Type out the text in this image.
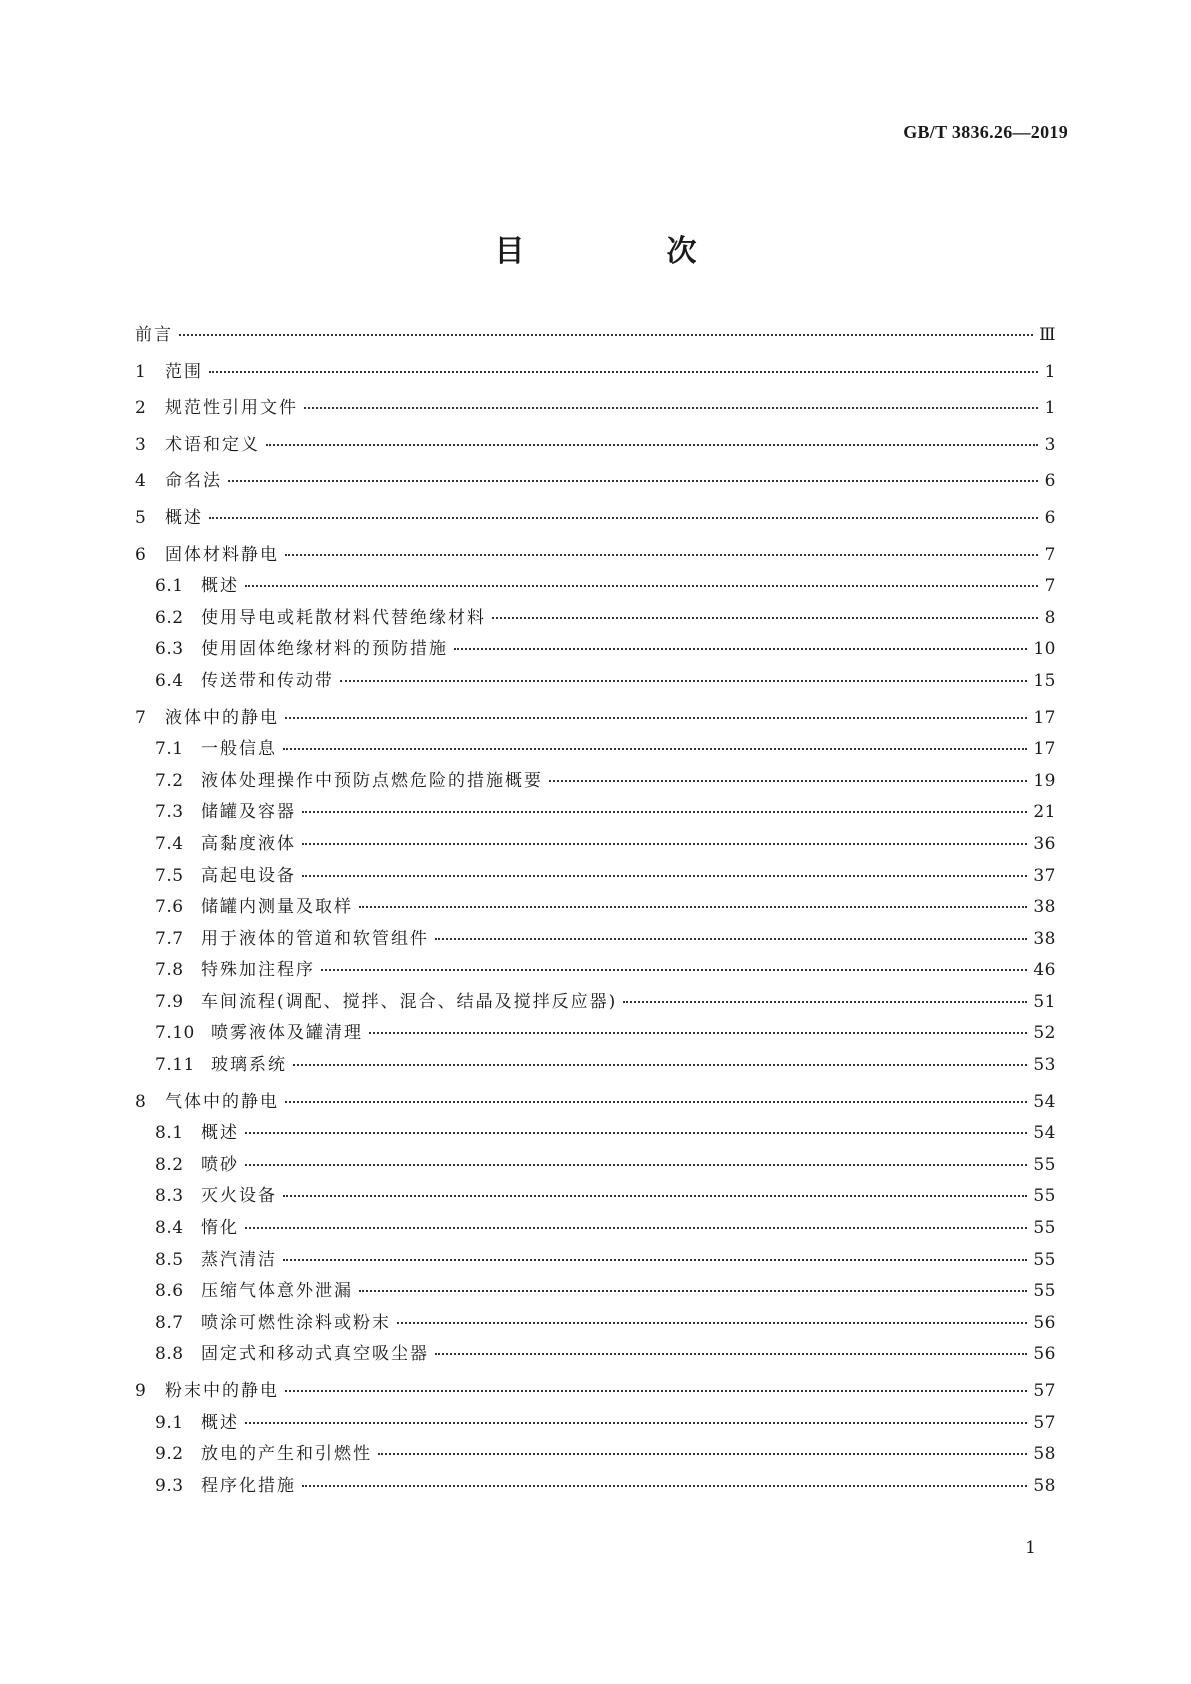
GB/T 3836.26—2019

目　次
前言	Ⅲ
1	范围	1
2	规范性引用文件	1
3	术语和定义	3
4	命名法	6
5	概述	6
6	固体材料静电	7
6.1	概述	7
6.2	使用导电或耗散材料代替绝缘材料	8
6.3	使用固体绝缘材料的预防措施	10
6.4	传送带和传动带	15
7	液体中的静电	17
7.1	一般信息	17
7.2	液体处理操作中预防点燃危险的措施概要	19
7.3	储罐及容器	21
7.4	高黏度液体	36
7.5	高起电设备	37
7.6	储罐内测量及取样	38
7.7	用于液体的管道和软管组件	38
7.8	特殊加注程序	46
7.9	车间流程(调配、搅拌、混合、结晶及搅拌反应器)	51
7.10 喷雾液体及罐清理	52
7.11 玻璃系统	53
8	气体中的静电	54
8.1	概述	54
8.2	喷砂	55
8.3	灭火设备	55
8.4	惰化	55
8.5	蒸汽清洁	55
8.6	压缩气体意外泄漏	55
8.7	喷涂可燃性涂料或粉末	56
8.8	固定式和移动式真空吸尘器	56
9	粉末中的静电	57
9.1	概述	57
9.2	放电的产生和引燃性	58
9.3	程序化措施	58

1
